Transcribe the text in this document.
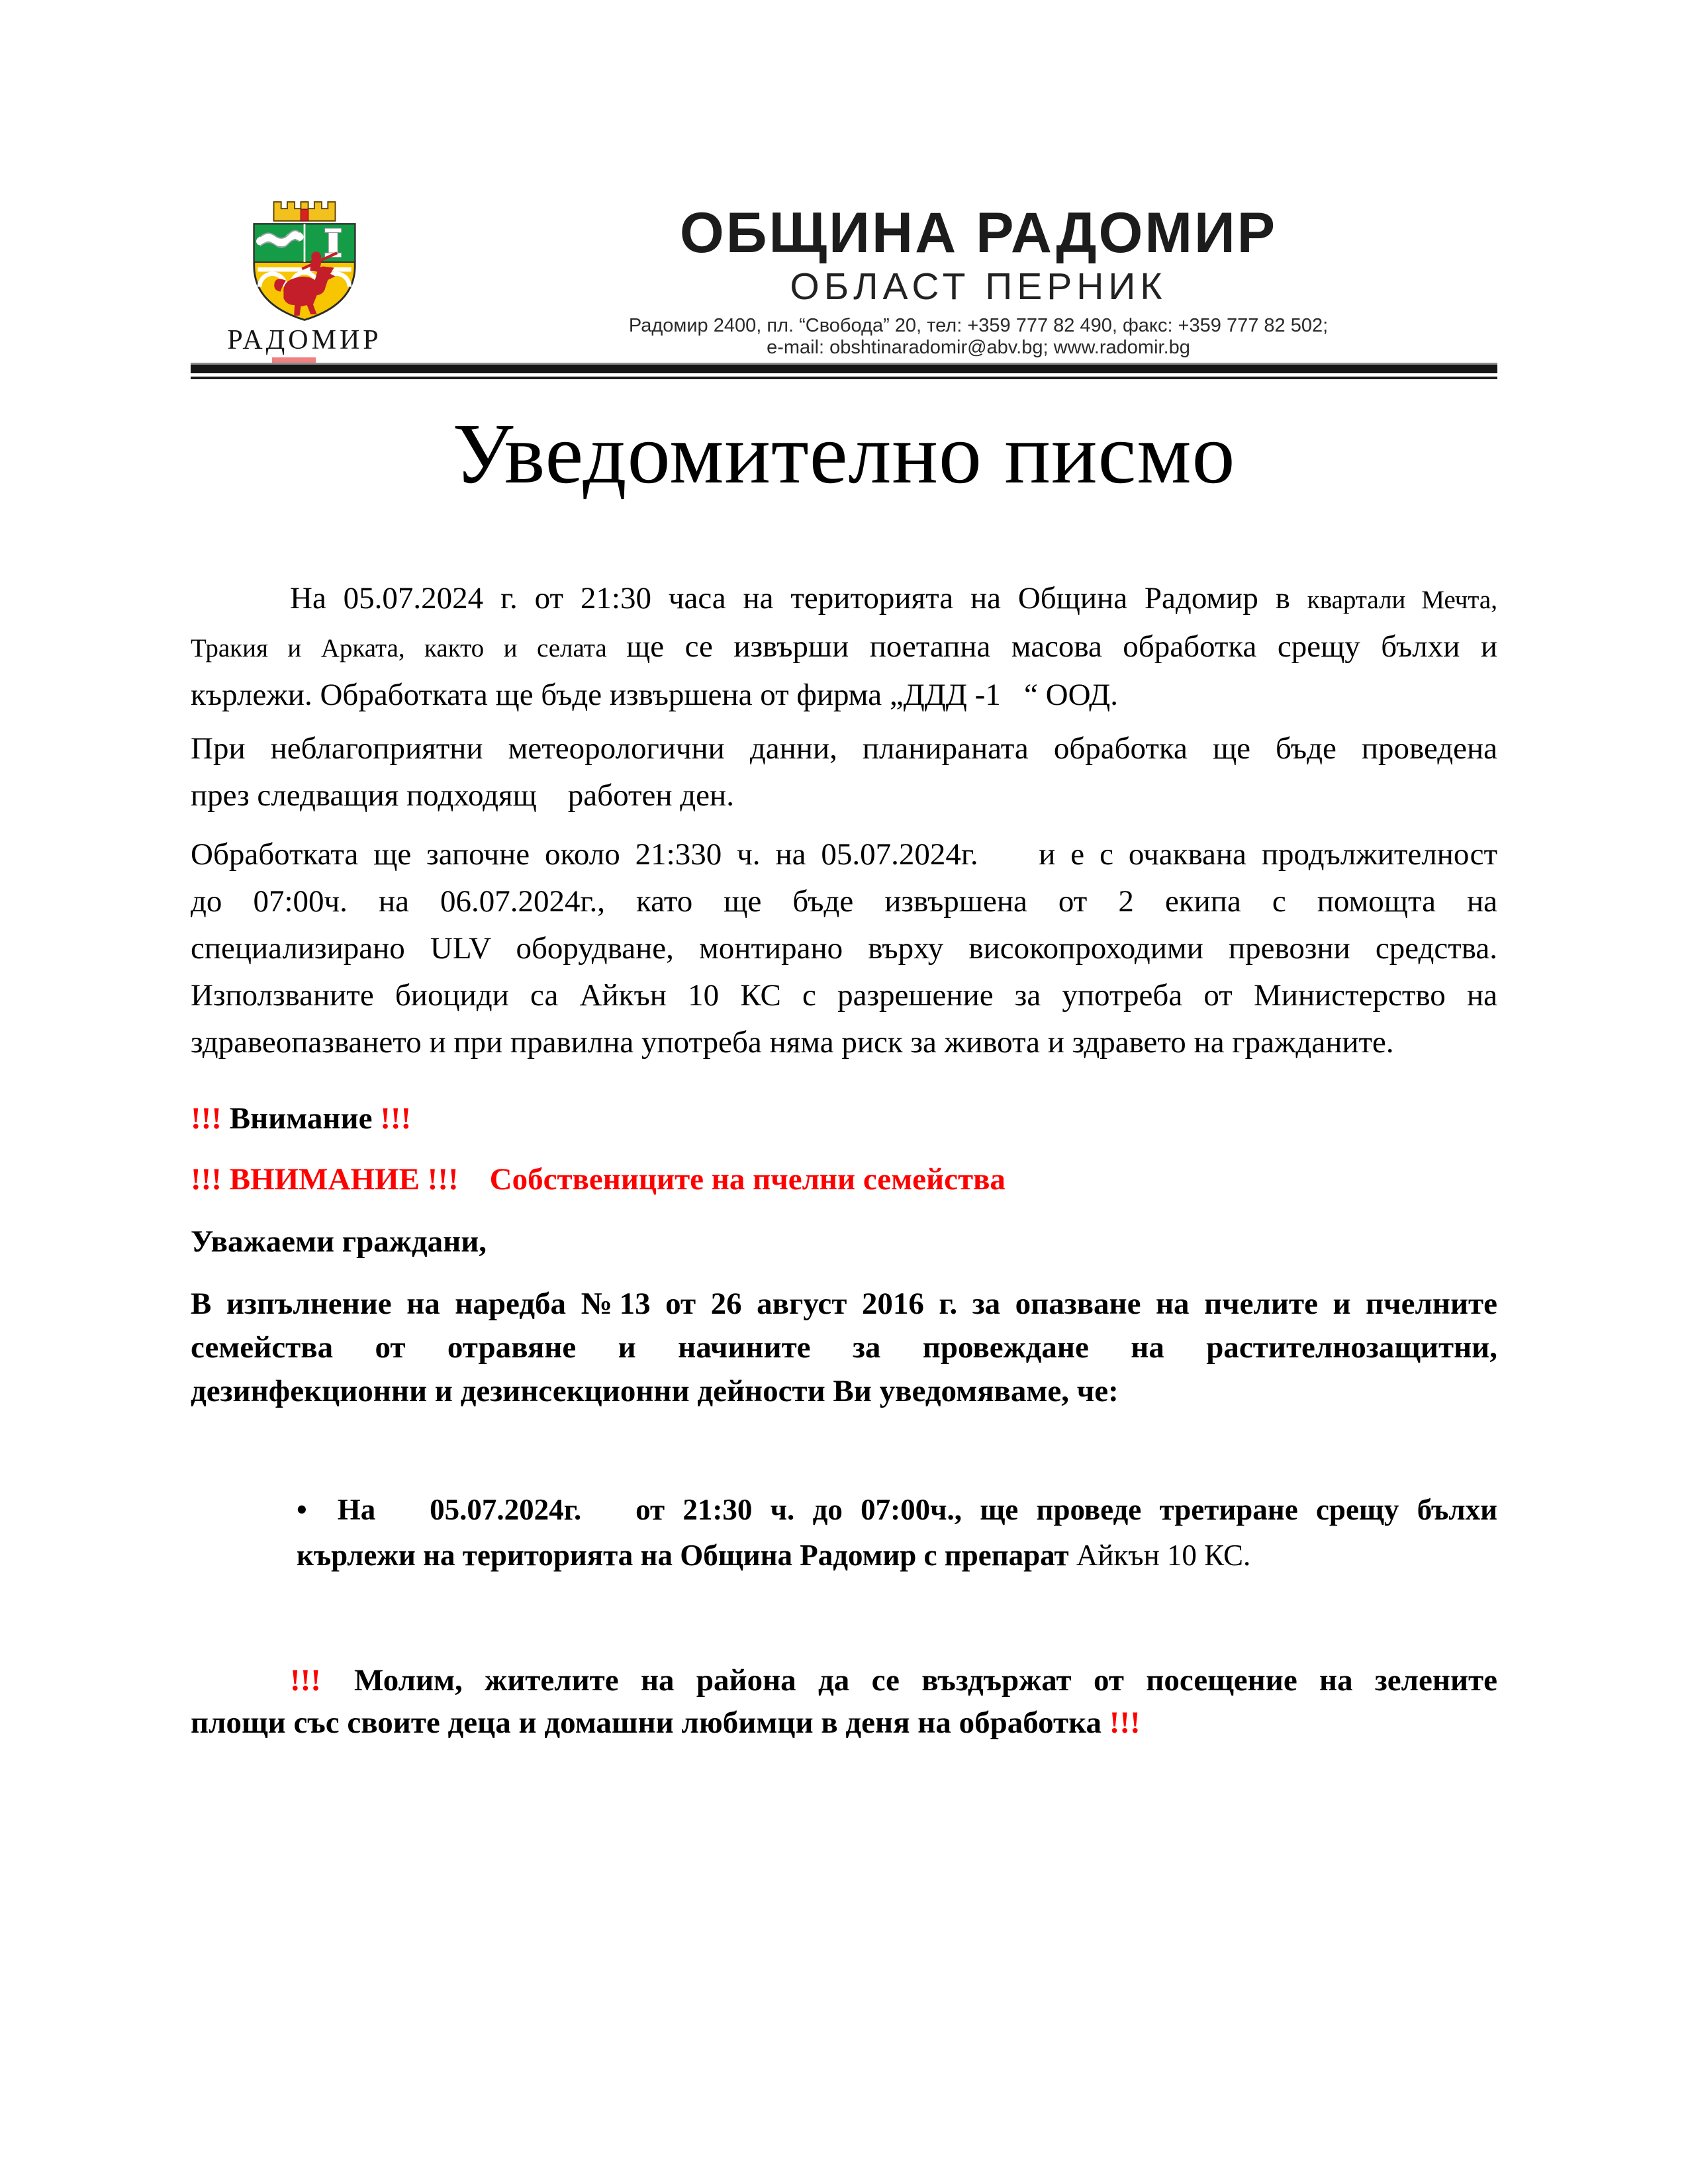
РАДОМИР
ОБЩИНА РАДОМИР
ОБЛАСТ ПЕРНИК
Радомир 2400, пл. “Свобода” 20, тел: +359 777 82 490, факс: +359 777 82 502;
e-mail: obshtinaradomir@abv.bg; www.radomir.bg
Уведомително писмо

На 05.07.2024 г. от 21:30 часа на територията на Община Радомир в квартали Мечта,
Тракия и Арката, както и селата ще се извърши поетапна масова обработка срещу бълхи и
кърлежи. Обработката ще бъде извършена от фирма „ДДД -1   “ ООД.

При неблагоприятни метеорологични данни, планираната обработка ще бъде проведена
през следващия подходящ    работен ден.

Обработката ще започне около 21:330 ч. на 05.07.2024г.    и е с очаквана продължителност
до 07:00ч. на 06.07.2024г., като ще бъде извършена от 2 екипа с помощта на
специализирано ULV оборудване, монтирано върху високопроходими превозни средства.
Използваните биоциди са Айкън 10 КС с разрешение за употреба от Министерство на
здравеопазването и при правилна употреба няма риск за живота и здравето на гражданите.

!!! Внимание !!!

!!! ВНИМАНИЕ !!!    Собствениците на пчелни семейства

Уважаеми граждани,

В изпълнение на наредба №13 от 26 август 2016 г. за опазване на пчелите и пчелните
семейства от отравяне и начините за провеждане на растителнозащитни,
дезинфекционни и дезинсекционни дейности Ви уведомяваме, че:

• На   05.07.2024г.   от 21:30 ч. до 07:00ч., ще проведе третиране срещу бълхи
кърлежи на територията на Община Радомир с препарат Айкън 10 КС.

!!! Молим, жителите на района да се въздържат от посещение на зелените
площи със своите деца и домашни любимци в деня на обработка !!!
